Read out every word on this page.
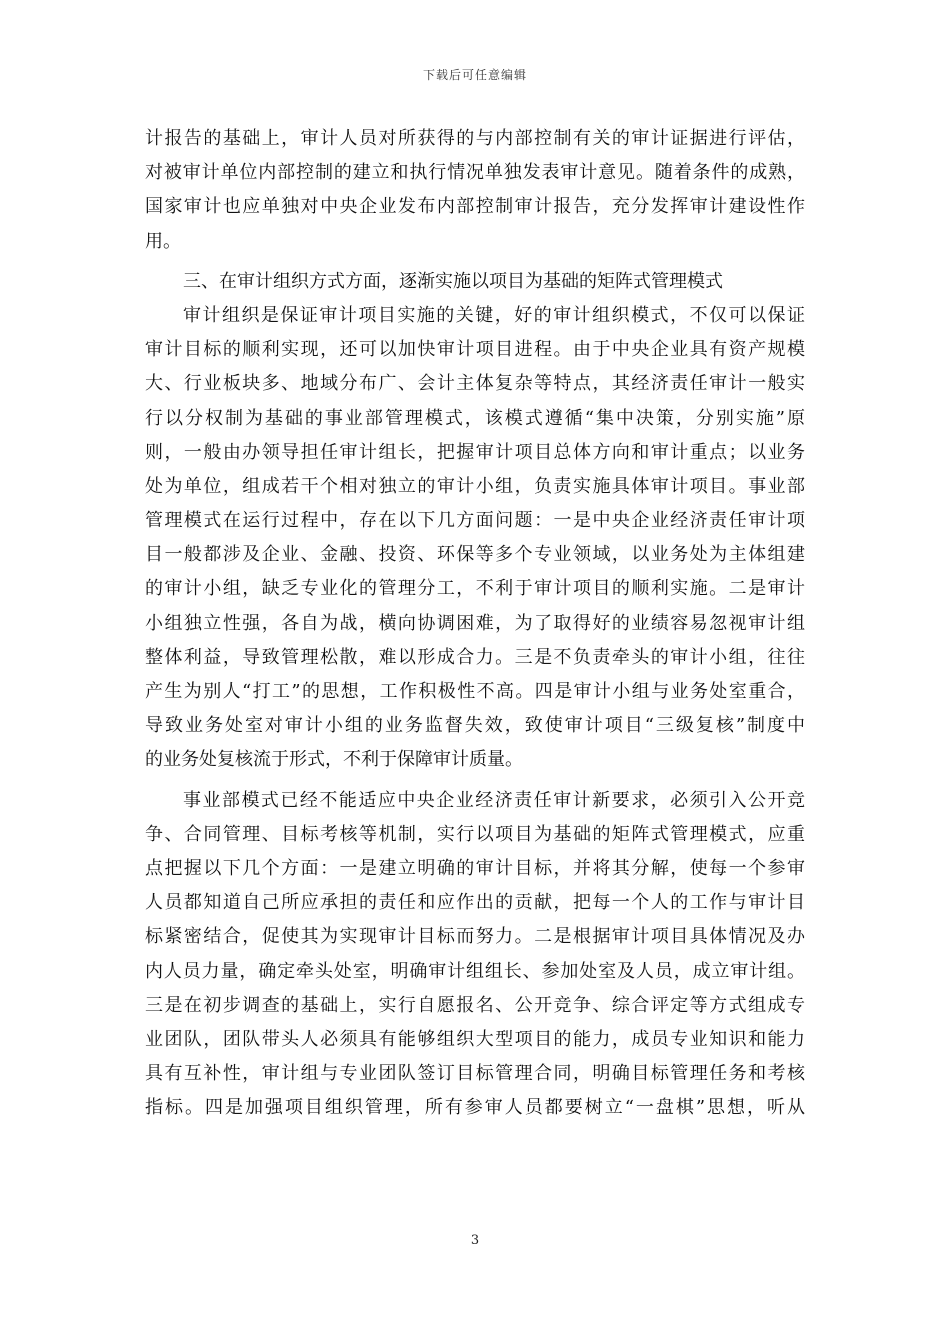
下载后可任意编辑
计报告的基础上，审计人员对所获得的与内部控制有关的审计证据进行评估，
对被审计单位内部控制的建立和执行情况单独发表审计意见。随着条件的成熟，
国家审计也应单独对中央企业发布内部控制审计报告，充分发挥审计建设性作
用。
三、在审计组织方式方面，逐渐实施以项目为基础的矩阵式管理模式
审计组织是保证审计项目实施的关键，好的审计组织模式，不仅可以保证
审计目标的顺利实现，还可以加快审计项目进程。由于中央企业具有资产规模
大、行业板块多、地域分布广、会计主体复杂等特点，其经济责任审计一般实
行以分权制为基础的事业部管理模式，该模式遵循“集中决策，分别实施”原
则，一般由办领导担任审计组长，把握审计项目总体方向和审计重点；以业务
处为单位，组成若干个相对独立的审计小组，负责实施具体审计项目。事业部
管理模式在运行过程中，存在以下几方面问题：一是中央企业经济责任审计项
目一般都涉及企业、金融、投资、环保等多个专业领域，以业务处为主体组建
的审计小组，缺乏专业化的管理分工，不利于审计项目的顺利实施。二是审计
小组独立性强，各自为战，横向协调困难，为了取得好的业绩容易忽视审计组
整体利益，导致管理松散，难以形成合力。三是不负责牵头的审计小组，往往
产生为别人“打工”的思想，工作积极性不高。四是审计小组与业务处室重合，
导致业务处室对审计小组的业务监督失效，致使审计项目“三级复核”制度中
的业务处复核流于形式，不利于保障审计质量。
事业部模式已经不能适应中央企业经济责任审计新要求，必须引入公开竞
争、合同管理、目标考核等机制，实行以项目为基础的矩阵式管理模式，应重
点把握以下几个方面：一是建立明确的审计目标，并将其分解，使每一个参审
人员都知道自己所应承担的责任和应作出的贡献，把每一个人的工作与审计目
标紧密结合，促使其为实现审计目标而努力。二是根据审计项目具体情况及办
内人员力量，确定牵头处室，明确审计组组长、参加处室及人员，成立审计组。
三是在初步调查的基础上，实行自愿报名、公开竞争、综合评定等方式组成专
业团队，团队带头人必须具有能够组织大型项目的能力，成员专业知识和能力
具有互补性，审计组与专业团队签订目标管理合同，明确目标管理任务和考核
指标。四是加强项目组织管理，所有参审人员都要树立“一盘棋”思想，听从
3
